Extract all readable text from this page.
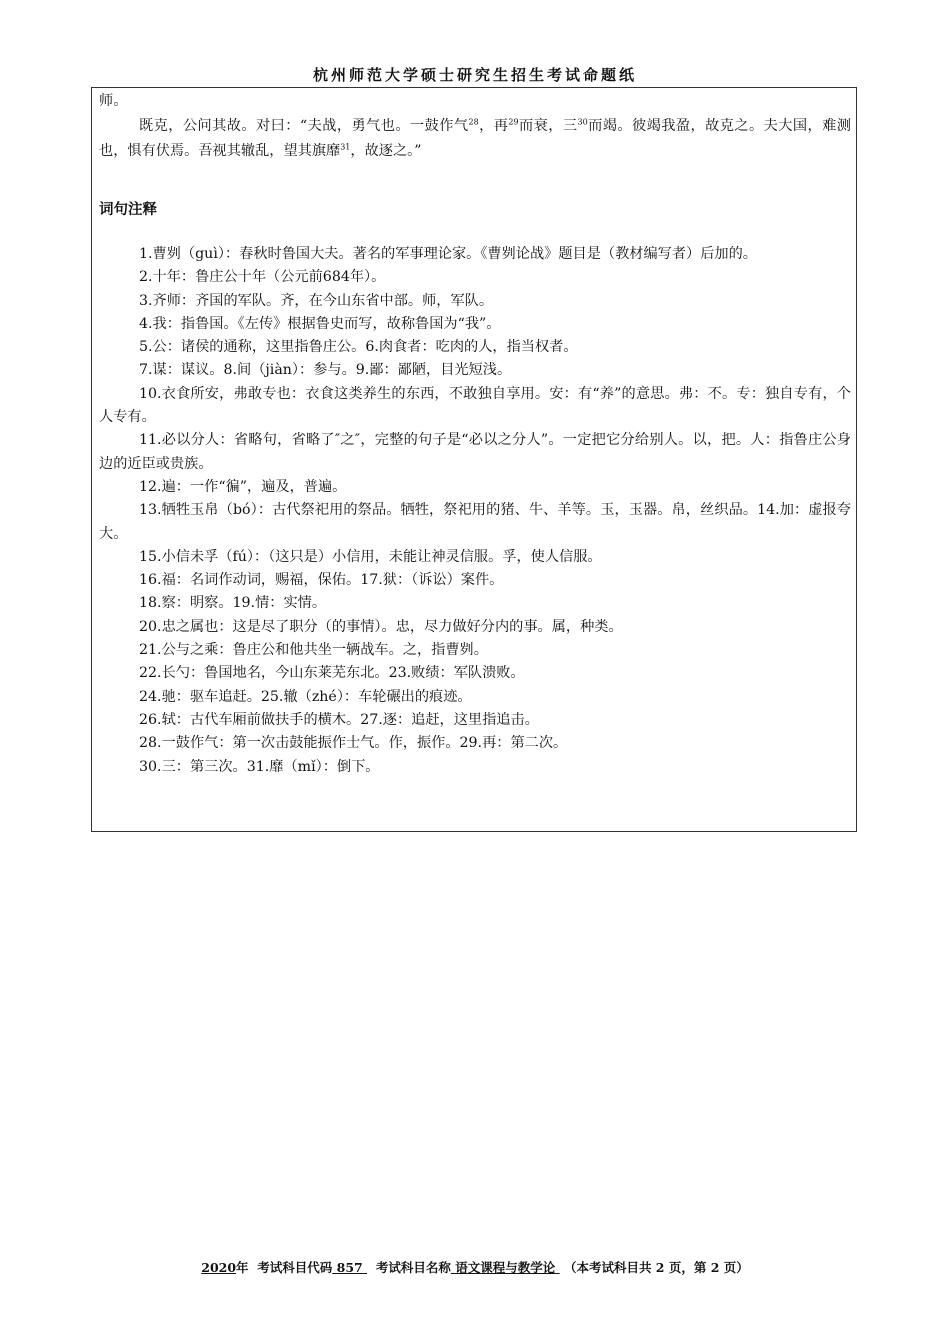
杭州师范大学硕士研究生招生考试命题纸

师。

既克，公问其故。对曰：“夫战，勇气也。一鼓作气$^{28}$，再$^{29}$而衰，三$^{30}$而竭。彼竭我盈，故克之。夫大国，难测也，惧有伏焉。吾视其辙乱，望其旗靡$^{31}$，故逐之。”

词句注释

1.曹刿（guì）：春秋时鲁国大夫。著名的军事理论家。《曹刿论战》题目是（教材编写者）后加的。

2.十年：鲁庄公十年（公元前684年）。

3.齐师：齐国的军队。齐，在今山东省中部。师，军队。

4.我：指鲁国。《左传》根据鲁史而写，故称鲁国为“我”。

5.公：诸侯的通称，这里指鲁庄公。6.肉食者：吃肉的人，指当权者。

7.谋：谋议。8.间（jiàn）：参与。9.鄙：鄙陋，目光短浅。

10.衣食所安，弗敢专也：衣食这类养生的东西，不敢独自享用。安：有“养”的意思。弗：不。专：独自专有，个人专有。

11.必以分人：省略句，省略了″之″，完整的句子是“必以之分人”。一定把它分给别人。以，把。人：指鲁庄公身边的近臣或贵族。

12.遍：一作“徧”，遍及，普遍。

13.牺牲玉帛（bó）：古代祭祀用的祭品。牺牲，祭祀用的猪、牛、羊等。玉，玉器。帛，丝织品。14.加：虚报夸大。

15.小信未孚（fú）：（这只是）小信用，未能让神灵信服。孚，使人信服。

16.福：名词作动词，赐福，保佑。17.狱：（诉讼）案件。

18.察：明察。19.情：实情。

20.忠之属也：这是尽了职分（的事情）。忠，尽力做好分内的事。属，种类。

21.公与之乘：鲁庄公和他共坐一辆战车。之，指曹刿。

22.长勺：鲁国地名，今山东莱芜东北。23.败绩：军队溃败。

24.驰：驱车追赶。25.辙（zhé）：车轮碾出的痕迹。

26.轼：古代车厢前做扶手的横木。27.逐：追赶，这里指追击。

28.一鼓作气：第一次击鼓能振作士气。作，振作。29.再：第二次。

30.三：第三次。31.靡（mǐ）：倒下。

2020年 考试科目代码 857 考试科目名称 语文课程与教学论 （本考试科目共 2 页，第 2 页）
